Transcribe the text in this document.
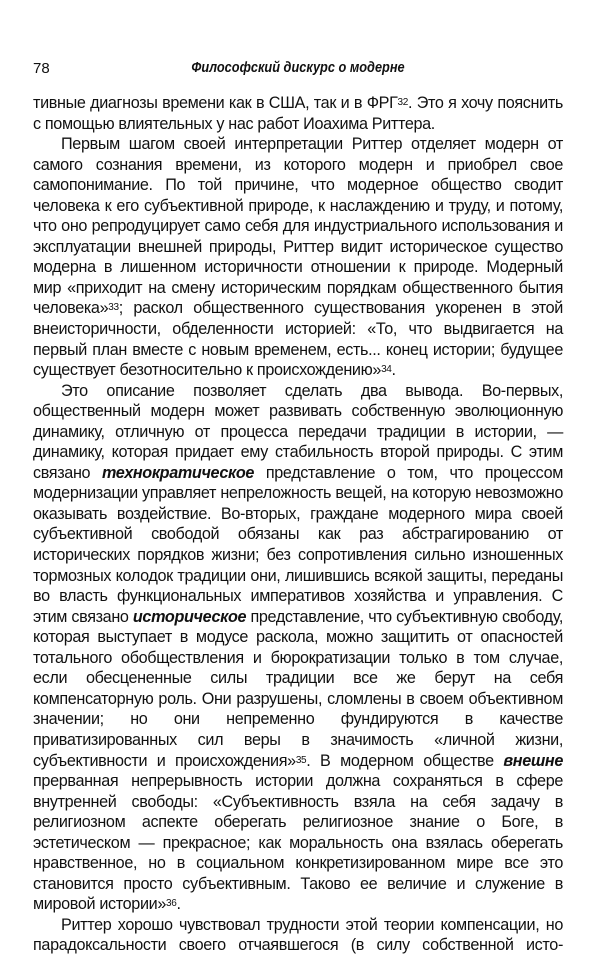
78	Философский дискурс о модерне

тивные диагнозы времени как в США, так и в ФРГ$^{32}$. Это я хочу пояснить с помощью влиятельных у нас работ Иоахима Риттера.

Первым шагом своей интерпретации Риттер отделяет модерн от самого сознания времени, из которого модерн и приобрел свое самопонимание. По той причине, что модерное общество сводит человека к его субъективной природе, к наслаждению и труду, и потому, что оно репродуцирует само себя для индустриального использования и эксплуатации внешней природы, Риттер видит историческое существо модерна в лишенном историчности отношении к природе. Модерный мир «приходит на смену историческим порядкам общественного бытия человека»$^{33}$; раскол общественного существования укоренен в этой внеисторичности, обделенности историей: «То, что выдвигается на первый план вместе с новым временем, есть... конец истории; будущее существует безотносительно к происхождению»$^{34}$.

Это описание позволяет сделать два вывода. Во-первых, общественный модерн может развивать собственную эволюционную динамику, отличную от процесса передачи традиции в истории, — динамику, которая придает ему стабильность второй природы. С этим связано технократическое представление о том, что процессом модернизации управляет непреложность вещей, на которую невозможно оказывать воздействие. Во-вторых, граждане модерного мира своей субъективной свободой обязаны как раз абстрагированию от исторических порядков жизни; без сопротивления сильно изношенных тормозных колодок традиции они, лишившись всякой защиты, переданы во власть функциональных императивов хозяйства и управления. С этим связано историческое представление, что субъективную свободу, которая выступает в модусе раскола, можно защитить от опасностей тотального обобществления и бюрократизации только в том случае, если обесцененные силы традиции все же берут на себя компенсаторную роль. Они разрушены, сломлены в своем объективном значении; но они непременно фундируются в качестве приватизированных сил веры в значимость «личной жизни, субъективности и происхождения»$^{35}$. В модерном обществе внешне прерванная непрерывность истории должна сохраняться в сфере внутренней свободы: «Субъективность взяла на себя задачу в религиозном аспекте оберегать религиозное знание о Боге, в эстетическом — прекрасное; как моральность она взялась оберегать нравственное, но в социальном конкретизированном мире все это становится просто субъективным. Таково ее величие и служение в мировой истории»$^{36}$.

Риттер хорошо чувствовал трудности этой теории компенсации, но парадоксальности своего отчаявшегося (в силу собственной исто-
